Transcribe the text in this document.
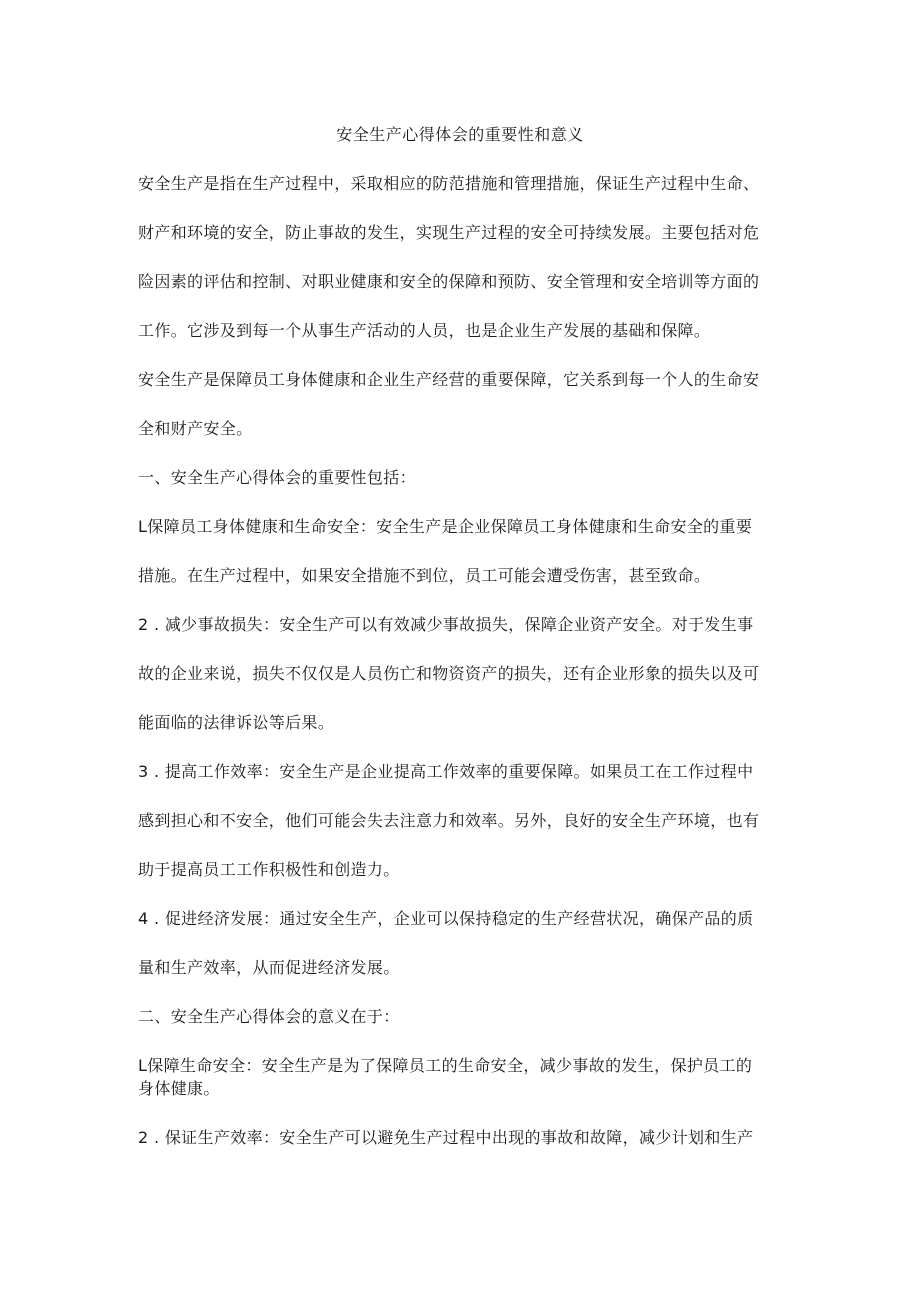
安全生产心得体会的重要性和意义
安全生产是指在生产过程中，采取相应的防范措施和管理措施，保证生产过程中生命、
财产和环境的安全，防止事故的发生，实现生产过程的安全可持续发展。主要包括对危
险因素的评估和控制、对职业健康和安全的保障和预防、安全管理和安全培训等方面的
工作。它涉及到每一个从事生产活动的人员，也是企业生产发展的基础和保障。
安全生产是保障员工身体健康和企业生产经营的重要保障，它关系到每一个人的生命安
全和财产安全。
一、安全生产心得体会的重要性包括：
L保障员工身体健康和生命安全：安全生产是企业保障员工身体健康和生命安全的重要
措施。在生产过程中，如果安全措施不到位，员工可能会遭受伤害，甚至致命。
2 . 减少事故损失：安全生产可以有效减少事故损失，保障企业资产安全。对于发生事
故的企业来说，损失不仅仅是人员伤亡和物资资产的损失，还有企业形象的损失以及可
能面临的法律诉讼等后果。
3 . 提高工作效率：安全生产是企业提高工作效率的重要保障。如果员工在工作过程中
感到担心和不安全，他们可能会失去注意力和效率。另外，良好的安全生产环境，也有
助于提高员工工作积极性和创造力。
4 . 促进经济发展：通过安全生产，企业可以保持稳定的生产经营状况，确保产品的质
量和生产效率，从而促进经济发展。
二、安全生产心得体会的意义在于：
L保障生命安全：安全生产是为了保障员工的生命安全，减少事故的发生，保护员工的
身体健康。
2 . 保证生产效率：安全生产可以避免生产过程中出现的事故和故障，减少计划和生产
